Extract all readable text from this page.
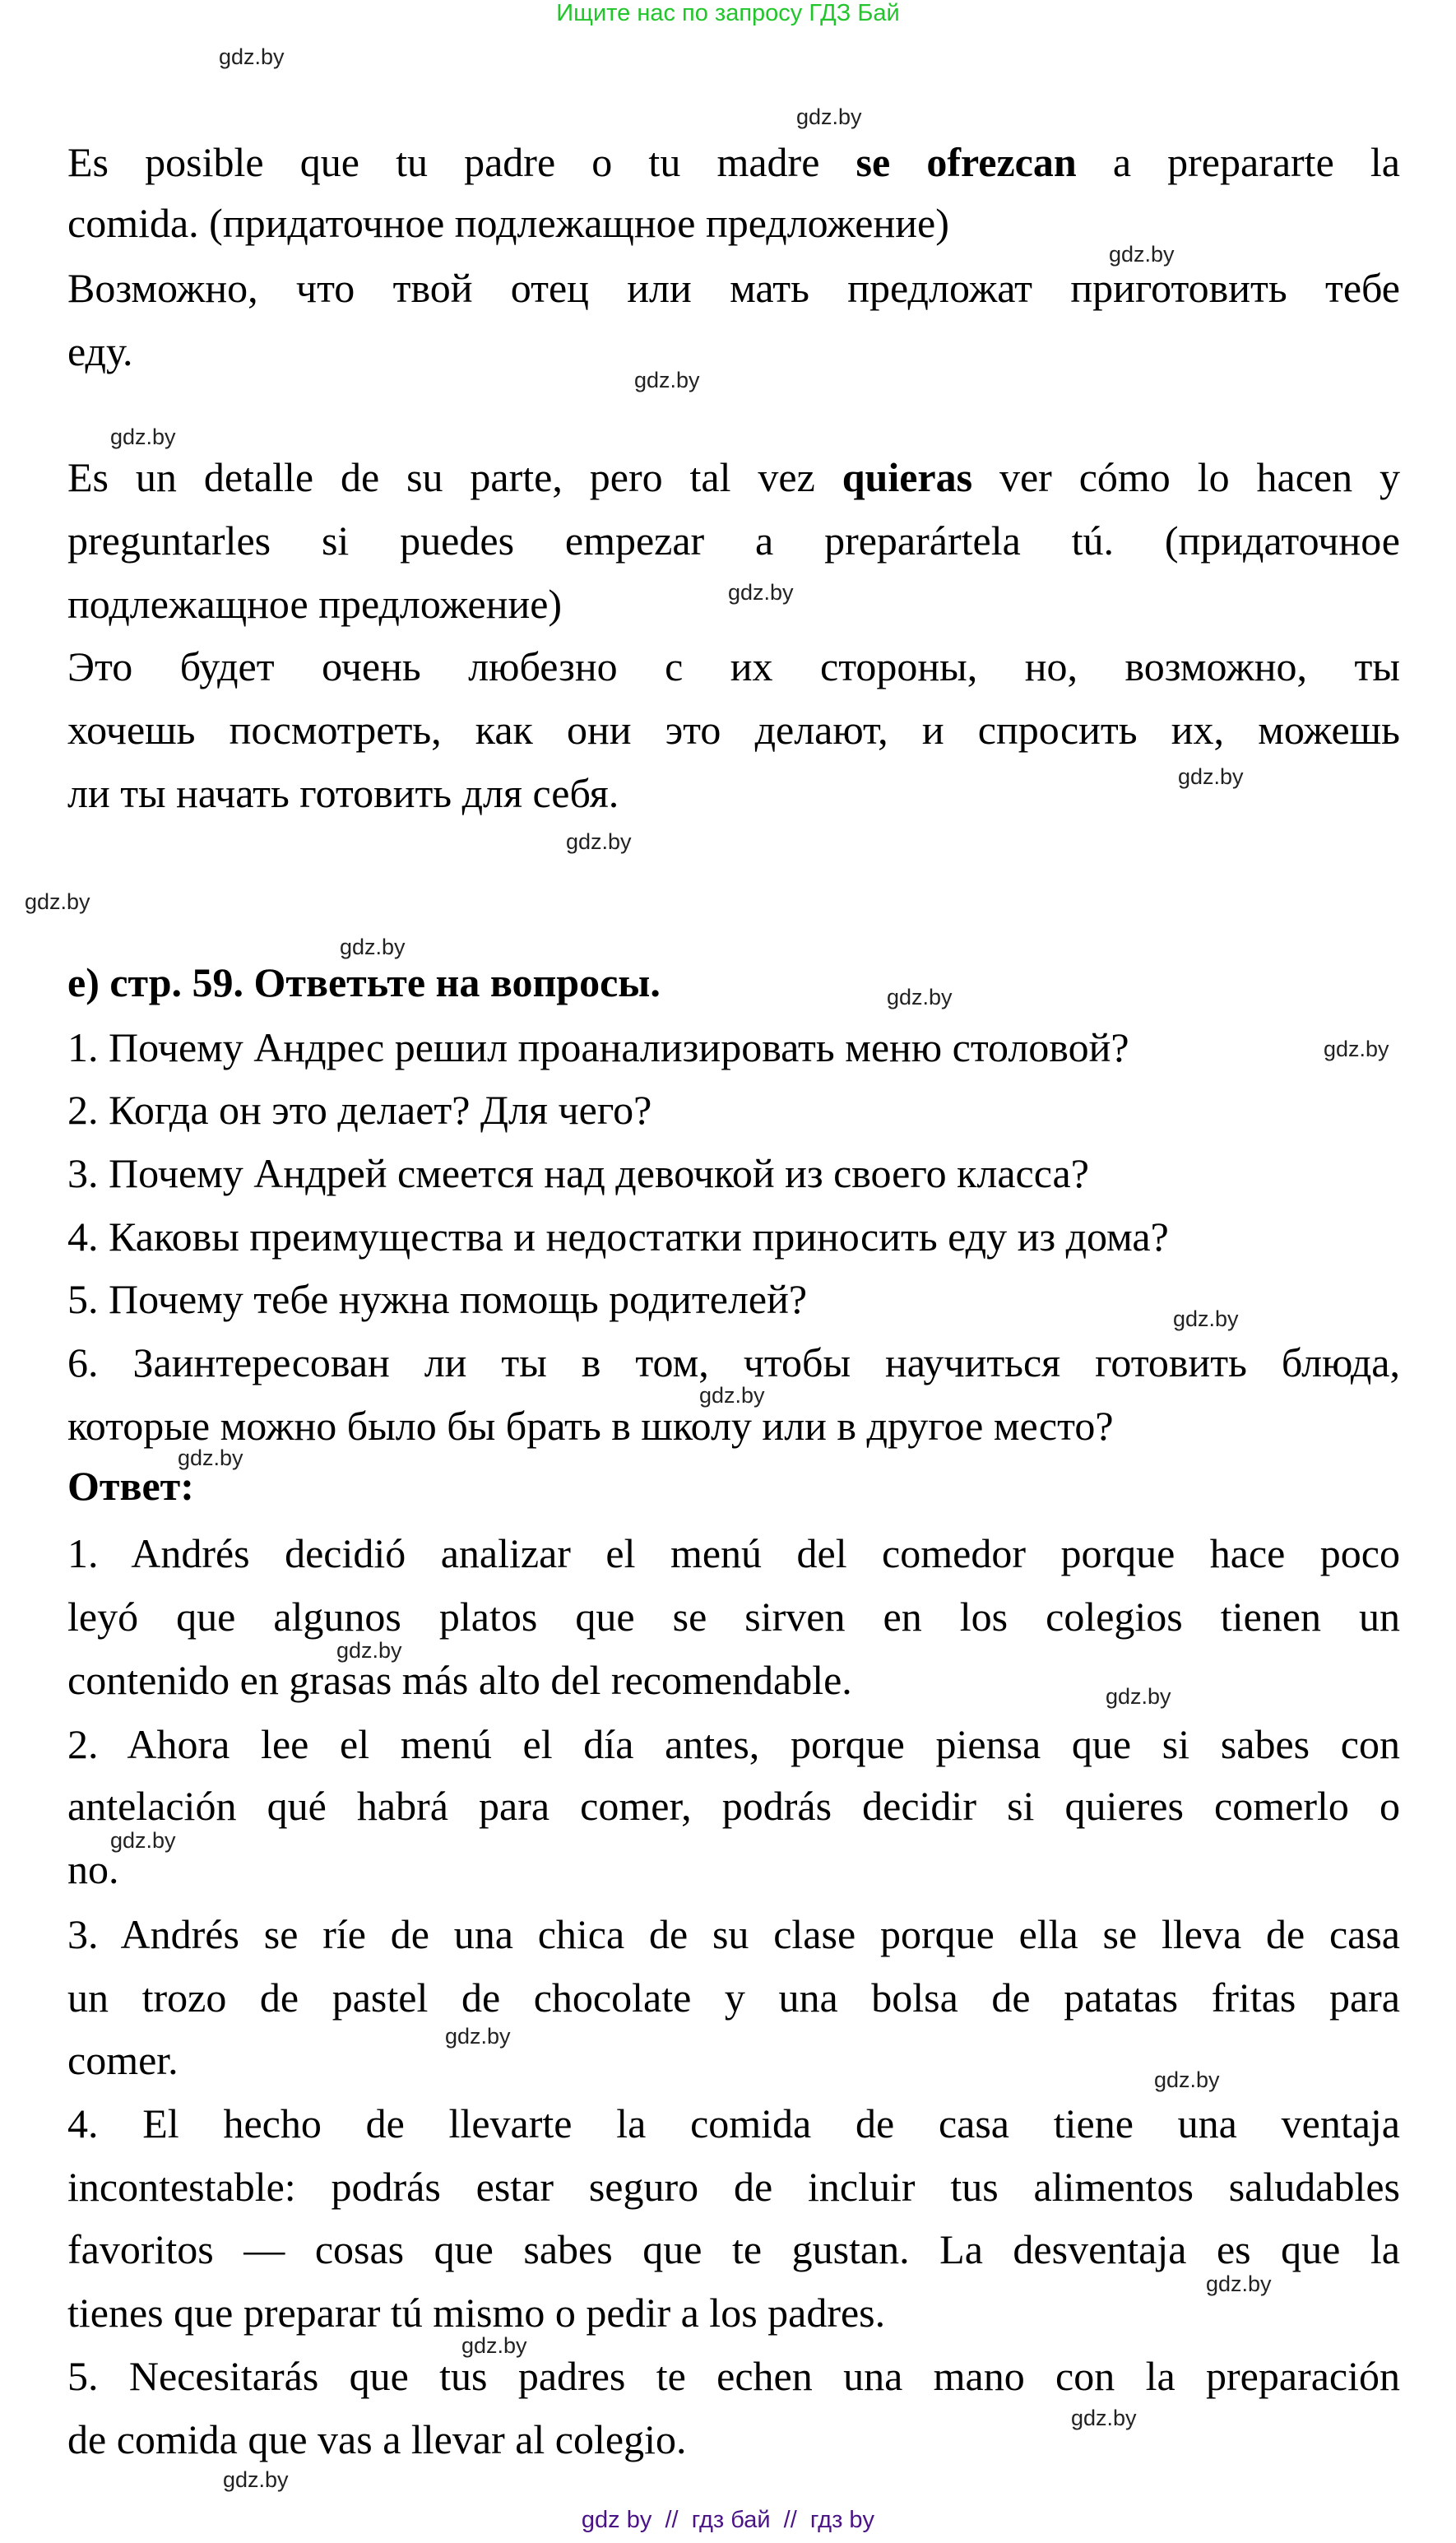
Ищите нас по запросу ГДЗ Бай
gdz.by
gdz.by
gdz.by
gdz.by
gdz.by
gdz.by
gdz.by
gdz.by
gdz.by
gdz.by
gdz.by
gdz.by
gdz.by
gdz.by
gdz.by
gdz.by
gdz.by
gdz.by
gdz.by
gdz.by
gdz.by
gdz.by
gdz.by
gdz.by
Es posible que tu padre o tu madre se ofrezcan a prepararte la
comida. (придаточное подлежащное предложение)
Возможно, что твой отец или мать предложат приготовить тебе
еду.
Es un detalle de su parte, pero tal vez quieras ver cómo lo hacen y
preguntarles si puedes empezar a preparártela tú. (придаточное
подлежащное предложение)
Это будет очень любезно с их стороны, но, возможно, ты
хочешь посмотреть, как они это делают, и спросить их, можешь
ли ты начать готовить для себя.
е) стр. 59. Ответьте на вопросы.
1. Почему Андрес решил проанализировать меню столовой?
2. Когда он это делает? Для чего?
3. Почему Андрей смеется над девочкой из своего класса?
4. Каковы преимущества и недостатки приносить еду из дома?
5. Почему тебе нужна помощь родителей?
6. Заинтересован ли ты в том, чтобы научиться готовить блюда,
которые можно было бы брать в школу или в другое место?
Ответ:
1. Andrés decidió analizar el menú del comedor porque hace poco
leyó que algunos platos que se sirven en los colegios tienen un
contenido en grasas más alto del recomendable.
2. Ahora lee el menú el día antes, porque piensa que si sabes con
antelación qué habrá para comer, podrás decidir si quieres comerlo o
no.
3. Andrés se ríe de una chica de su clase porque ella se lleva de casa
un trozo de pastel de chocolate y una bolsa de patatas fritas para
comer.
4. El hecho de llevarte la comida de casa tiene una ventaja
incontestable: podrás estar seguro de incluir tus alimentos saludables
favoritos — cosas que sabes que te gustan. La desventaja es que la
tienes que preparar tú mismo o pedir a los padres.
5. Necesitarás que tus padres te echen una mano con la preparación
de comida que vas a llevar al colegio.
gdz by  //  гдз бай  //  гдз by
